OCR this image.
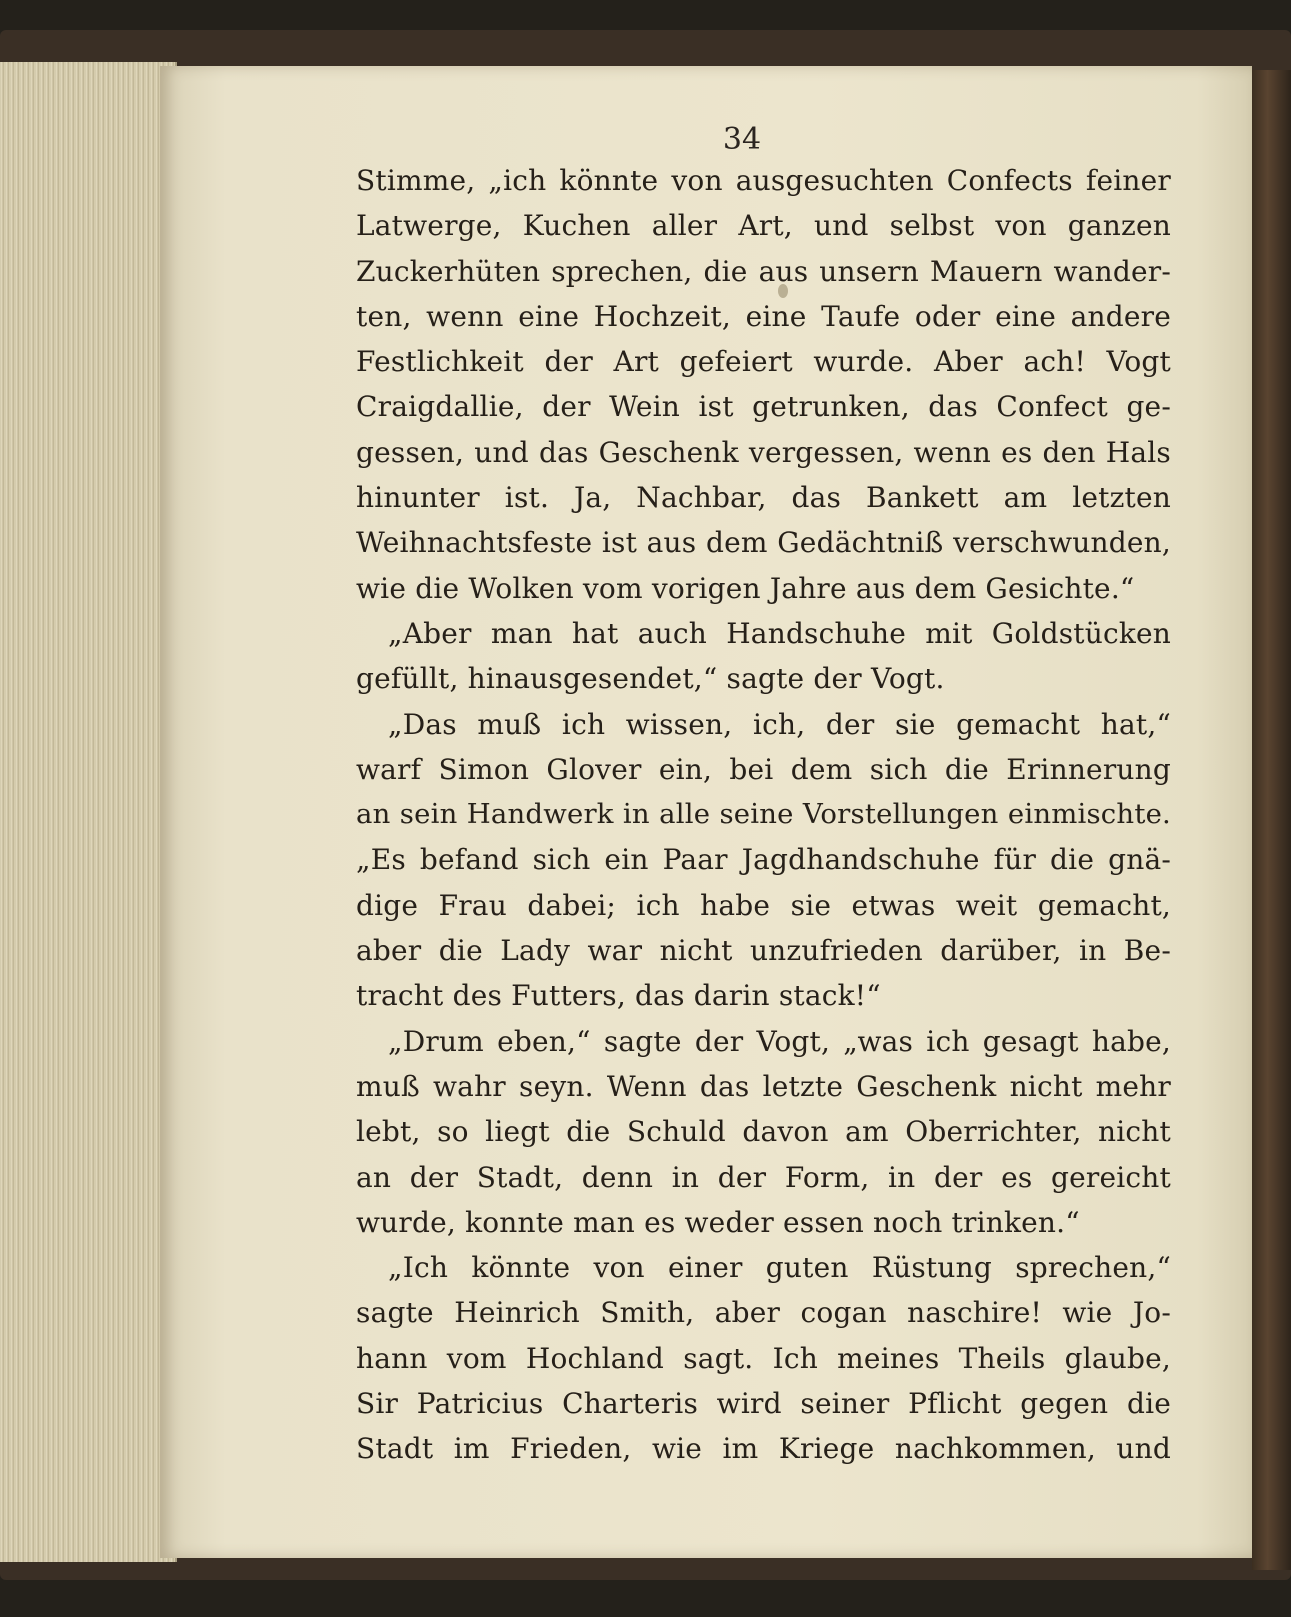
34
Stimme, „ich könnte von ausgesuchten Confects feiner
Latwerge, Kuchen aller Art, und selbst von ganzen
Zuckerhüten sprechen, die aus unsern Mauern wander-
ten, wenn eine Hochzeit, eine Taufe oder eine andere
Festlichkeit der Art gefeiert wurde. Aber ach! Vogt
Craigdallie, der Wein ist getrunken, das Confect ge-
gessen, und das Geschenk vergessen, wenn es den Hals
hinunter ist. Ja, Nachbar, das Bankett am letzten
Weihnachtsfeste ist aus dem Gedächtniß verschwunden,
wie die Wolken vom vorigen Jahre aus dem Gesichte.“
„Aber man hat auch Handschuhe mit Goldstücken
gefüllt, hinausgesendet,“ sagte der Vogt.
„Das muß ich wissen, ich, der sie gemacht hat,“
warf Simon Glover ein, bei dem sich die Erinnerung
an sein Handwerk in alle seine Vorstellungen einmischte.
„Es befand sich ein Paar Jagdhandschuhe für die gnä-
dige Frau dabei; ich habe sie etwas weit gemacht,
aber die Lady war nicht unzufrieden darüber, in Be-
tracht des Futters, das darin stack!“
„Drum eben,“ sagte der Vogt, „was ich gesagt habe,
muß wahr seyn. Wenn das letzte Geschenk nicht mehr
lebt, so liegt die Schuld davon am Oberrichter, nicht
an der Stadt, denn in der Form, in der es gereicht
wurde, konnte man es weder essen noch trinken.“
„Ich könnte von einer guten Rüstung sprechen,“
sagte Heinrich Smith, aber cogan naschire! wie Jo-
hann vom Hochland sagt. Ich meines Theils glaube,
Sir Patricius Charteris wird seiner Pflicht gegen die
Stadt im Frieden, wie im Kriege nachkommen, und
